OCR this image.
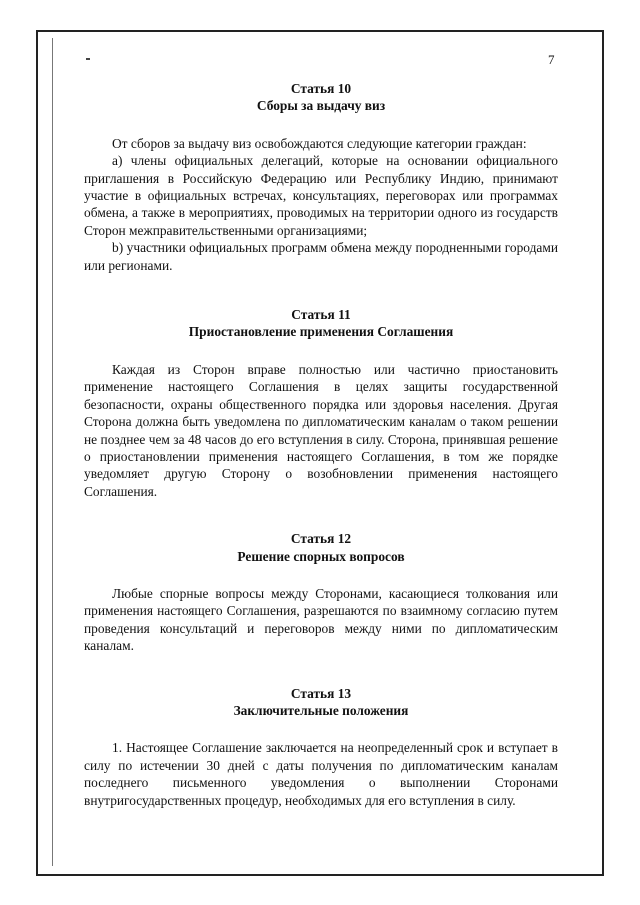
7

Статья 10

Сборы за выдачу виз

От сборов за выдачу виз освобождаются следующие категории граждан:

a) члены официальных делегаций, которые на основании официального приглашения в Российскую Федерацию или Республику Индию, принимают участие в официальных встречах, консультациях, переговорах или программах обмена, а также в мероприятиях, проводимых на территории одного из государств Сторон межправительственными организациями;

b) участники официальных программ обмена между породненными городами или регионами.

Статья 11

Приостановление применения Соглашения

Каждая из Сторон вправе полностью или частично приостановить применение настоящего Соглашения в целях защиты государственной безопасности, охраны общественного порядка или здоровья населения. Другая Сторона должна быть уведомлена по дипломатическим каналам о таком решении не позднее чем за 48 часов до его вступления в силу. Сторона, принявшая решение о приостановлении применения настоящего Соглашения, в том же порядке уведомляет другую Сторону о возобновлении применения настоящего Соглашения.

Статья 12

Решение спорных вопросов

Любые спорные вопросы между Сторонами, касающиеся толкования или применения настоящего Соглашения, разрешаются по взаимному согласию путем проведения консультаций и переговоров между ними по дипломатическим каналам.

Статья 13

Заключительные положения

1. Настоящее Соглашение заключается на неопределенный срок и вступает в силу по истечении 30 дней с даты получения по дипломатическим каналам последнего письменного уведомления о выполнении Сторонами внутригосударственных процедур, необходимых для его вступления в силу.
